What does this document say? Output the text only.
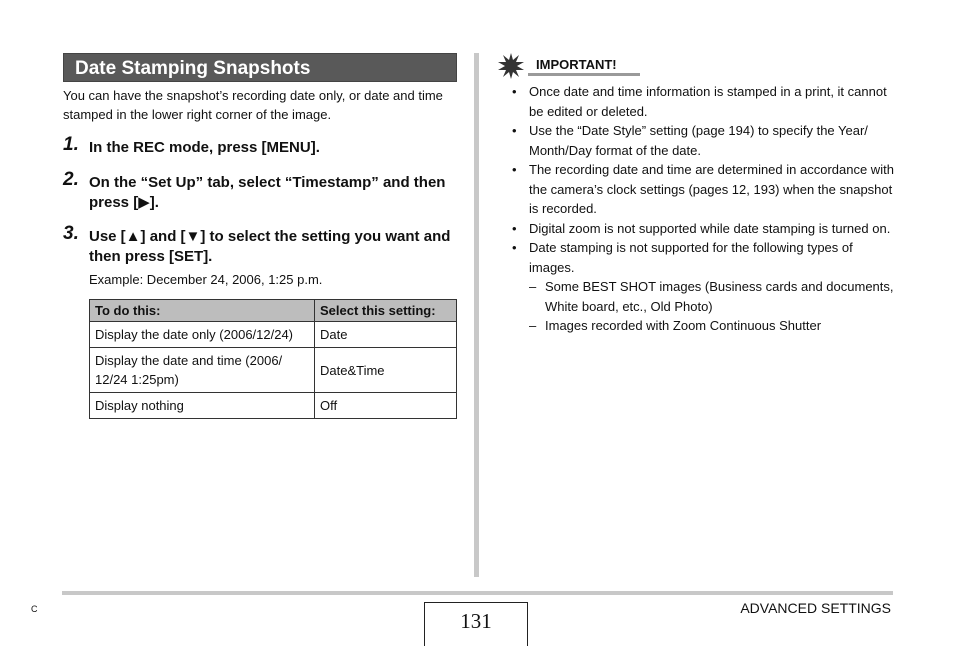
Date Stamping Snapshots
You can have the snapshot’s recording date only, or date and time stamped in the lower right corner of the image.
1. In the REC mode, press [MENU].
2. On the “Set Up” tab, select “Timestamp” and then press [▶].
3. Use [▲] and [▼] to select the setting you want and then press [SET].
Example: December 24, 2006, 1:25 p.m.
To do this:	Select this setting:
Display the date only (2006/12/24)	Date
Display the date and time (2006/ 12/24 1:25pm)	Date&Time
Display nothing	Off
IMPORTANT!
• Once date and time information is stamped in a print, it cannot be edited or deleted.
• Use the “Date Style” setting (page 194) to specify the Year/ Month/Day format of the date.
• The recording date and time are determined in accordance with the camera’s clock settings (pages 12, 193) when the snapshot is recorded.
• Digital zoom is not supported while date stamping is turned on.
• Date stamping is not supported for the following types of images.
– Some BEST SHOT images (Business cards and documents, White board, etc., Old Photo)
– Images recorded with Zoom Continuous Shutter
C	131
ADVANCED SETTINGS
